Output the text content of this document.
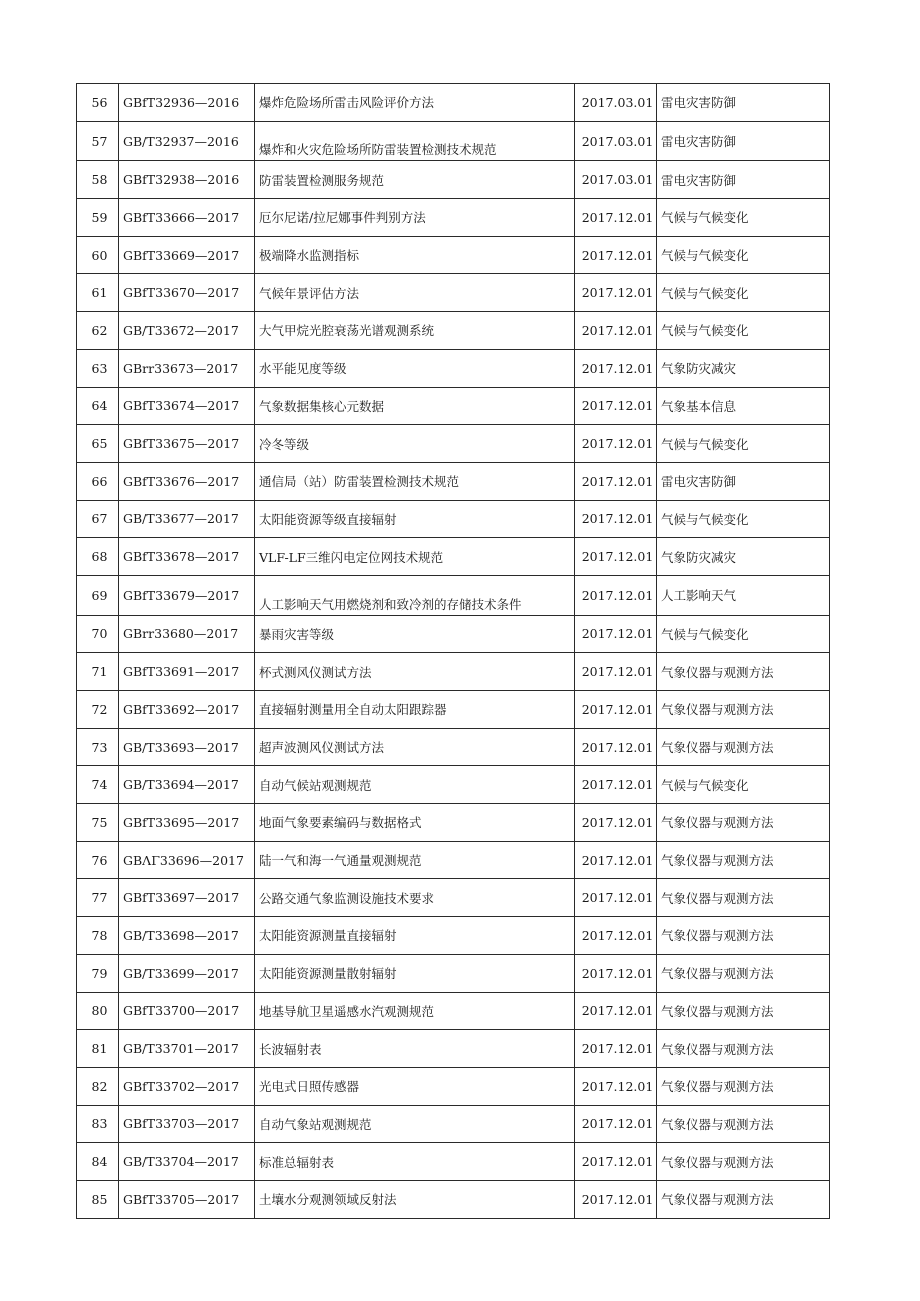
56	GBfT32936—2016	爆炸危险场所雷击风险评价方法	2017.03.01	雷电灾害防御
57	GB/T32937—2016	爆炸和火灾危险场所防雷装置检测技术规范	2017.03.01	雷电灾害防御
58	GBfT32938—2016	防雷装置检测服务规范	2017.03.01	雷电灾害防御
59	GBfT33666—2017	厄尔尼诺/拉尼娜事件判别方法	2017.12.01	气候与气候变化
60	GBfT33669—2017	极端降水监测指标	2017.12.01	气候与气候变化
61	GBfT33670—2017	气候年景评估方法	2017.12.01	气候与气候变化
62	GB/T33672—2017	大气甲烷光腔衰荡光谱观测系统	2017.12.01	气候与气候变化
63	GBrr33673—2017	水平能见度等级	2017.12.01	气象防灾减灾
64	GBfT33674—2017	气象数据集核心元数据	2017.12.01	气象基本信息
65	GBfT33675—2017	冷冬等级	2017.12.01	气候与气候变化
66	GBfT33676—2017	通信局（站）防雷装置检测技术规范	2017.12.01	雷电灾害防御
67	GB/T33677—2017	太阳能资源等级直接辐射	2017.12.01	气候与气候变化
68	GBfT33678—2017	VLF-LF三维闪电定位网技术规范	2017.12.01	气象防灾减灾
69	GBfT33679—2017	人工影响天气用燃烧剂和致冷剂的存储技术条件	2017.12.01	人工影响天气
70	GBrr33680—2017	暴雨灾害等级	2017.12.01	气候与气候变化
71	GBfT33691—2017	杯式测风仪测试方法	2017.12.01	气象仪器与观测方法
72	GBfT33692—2017	直接辐射测量用全自动太阳跟踪器	2017.12.01	气象仪器与观测方法
73	GB/T33693—2017	超声波测风仪测试方法	2017.12.01	气象仪器与观测方法
74	GB/T33694—2017	自动气候站观测规范	2017.12.01	气候与气候变化
75	GBfT33695—2017	地面气象要素编码与数据格式	2017.12.01	气象仪器与观测方法
76	GBΛΓ33696—2017	陆一气和海一气通量观测规范	2017.12.01	气象仪器与观测方法
77	GBfT33697—2017	公路交通气象监测设施技术要求	2017.12.01	气象仪器与观测方法
78	GB/T33698—2017	太阳能资源测量直接辐射	2017.12.01	气象仪器与观测方法
79	GB/T33699—2017	太阳能资源测量散射辐射	2017.12.01	气象仪器与观测方法
80	GBfT33700—2017	地基导航卫星遥感水汽观测规范	2017.12.01	气象仪器与观测方法
81	GB/T33701—2017	长波辐射表	2017.12.01	气象仪器与观测方法
82	GBfT33702—2017	光电式日照传感器	2017.12.01	气象仪器与观测方法
83	GBfT33703—2017	自动气象站观测规范	2017.12.01	气象仪器与观测方法
84	GB/T33704—2017	标准总辐射表	2017.12.01	气象仪器与观测方法
85	GBfT33705—2017	土壤水分观测领域反射法	2017.12.01	气象仪器与观测方法
